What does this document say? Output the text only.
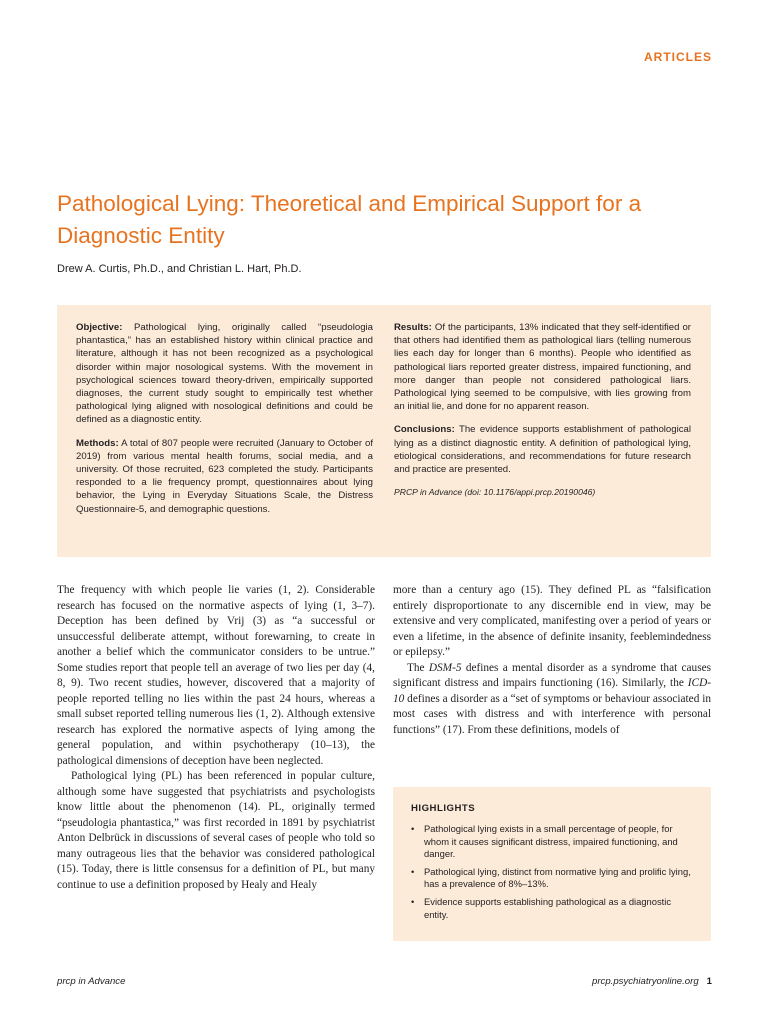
ARTICLES
Pathological Lying: Theoretical and Empirical Support for a Diagnostic Entity
Drew A. Curtis, Ph.D., and Christian L. Hart, Ph.D.

Objective: Pathological lying, originally called “pseudologia phantastica,” has an established history within clinical practice and literature, although it has not been recognized as a psychological disorder within major nosological systems. With the movement in psychological sciences toward theory-driven, empirically supported diagnoses, the current study sought to empirically test whether pathological lying aligned with nosological definitions and could be defined as a diagnostic entity.

Methods: A total of 807 people were recruited (January to October of 2019) from various mental health forums, social media, and a university. Of those recruited, 623 completed the study. Participants responded to a lie frequency prompt, questionnaires about lying behavior, the Lying in Everyday Situations Scale, the Distress Questionnaire-5, and demographic questions.

Results: Of the participants, 13% indicated that they self-identified or that others had identified them as pathological liars (telling numerous lies each day for longer than 6 months). People who identified as pathological liars reported greater distress, impaired functioning, and more danger than people not considered pathological liars. Pathological lying seemed to be compulsive, with lies growing from an initial lie, and done for no apparent reason.

Conclusions: The evidence supports establishment of pathological lying as a distinct diagnostic entity. A definition of pathological lying, etiological considerations, and recommendations for future research and practice are presented.

PRCP in Advance (doi: 10.1176/appi.prcp.20190046)

The frequency with which people lie varies (1, 2). Considerable research has focused on the normative aspects of lying (1, 3–7). Deception has been defined by Vrij (3) as “a successful or unsuccessful deliberate attempt, without forewarning, to create in another a belief which the communicator considers to be untrue.” Some studies report that people tell an average of two lies per day (4, 8, 9). Two recent studies, however, discovered that a majority of people reported telling no lies within the past 24 hours, whereas a small subset reported telling numerous lies (1, 2). Although extensive research has explored the normative aspects of lying among the general population, and within psychotherapy (10–13), the pathological dimensions of deception have been neglected.

Pathological lying (PL) has been referenced in popular culture, although some have suggested that psychiatrists and psychologists know little about the phenomenon (14). PL, originally termed “pseudologia phantastica,” was first recorded in 1891 by psychiatrist Anton Delbrück in discussions of several cases of people who told so many outrageous lies that the behavior was considered pathological (15). Today, there is little consensus for a definition of PL, but many continue to use a definition proposed by Healy and Healy

more than a century ago (15). They defined PL as “falsification entirely disproportionate to any discernible end in view, may be extensive and very complicated, manifesting over a period of years or even a lifetime, in the absence of definite insanity, feeblemindedness or epilepsy.”

The DSM-5 defines a mental disorder as a syndrome that causes significant distress and impairs functioning (16). Similarly, the ICD-10 defines a disorder as a “set of symptoms or behaviour associated in most cases with distress and with interference with personal functions” (17). From these definitions, models of

HIGHLIGHTS
• Pathological lying exists in a small percentage of people, for whom it causes significant distress, impaired functioning, and danger.
• Pathological lying, distinct from normative lying and prolific lying, has a prevalence of 8%–13%.
• Evidence supports establishing pathological as a diagnostic entity.
prcp in Advance	prcp.psychiatryonline.org 1
